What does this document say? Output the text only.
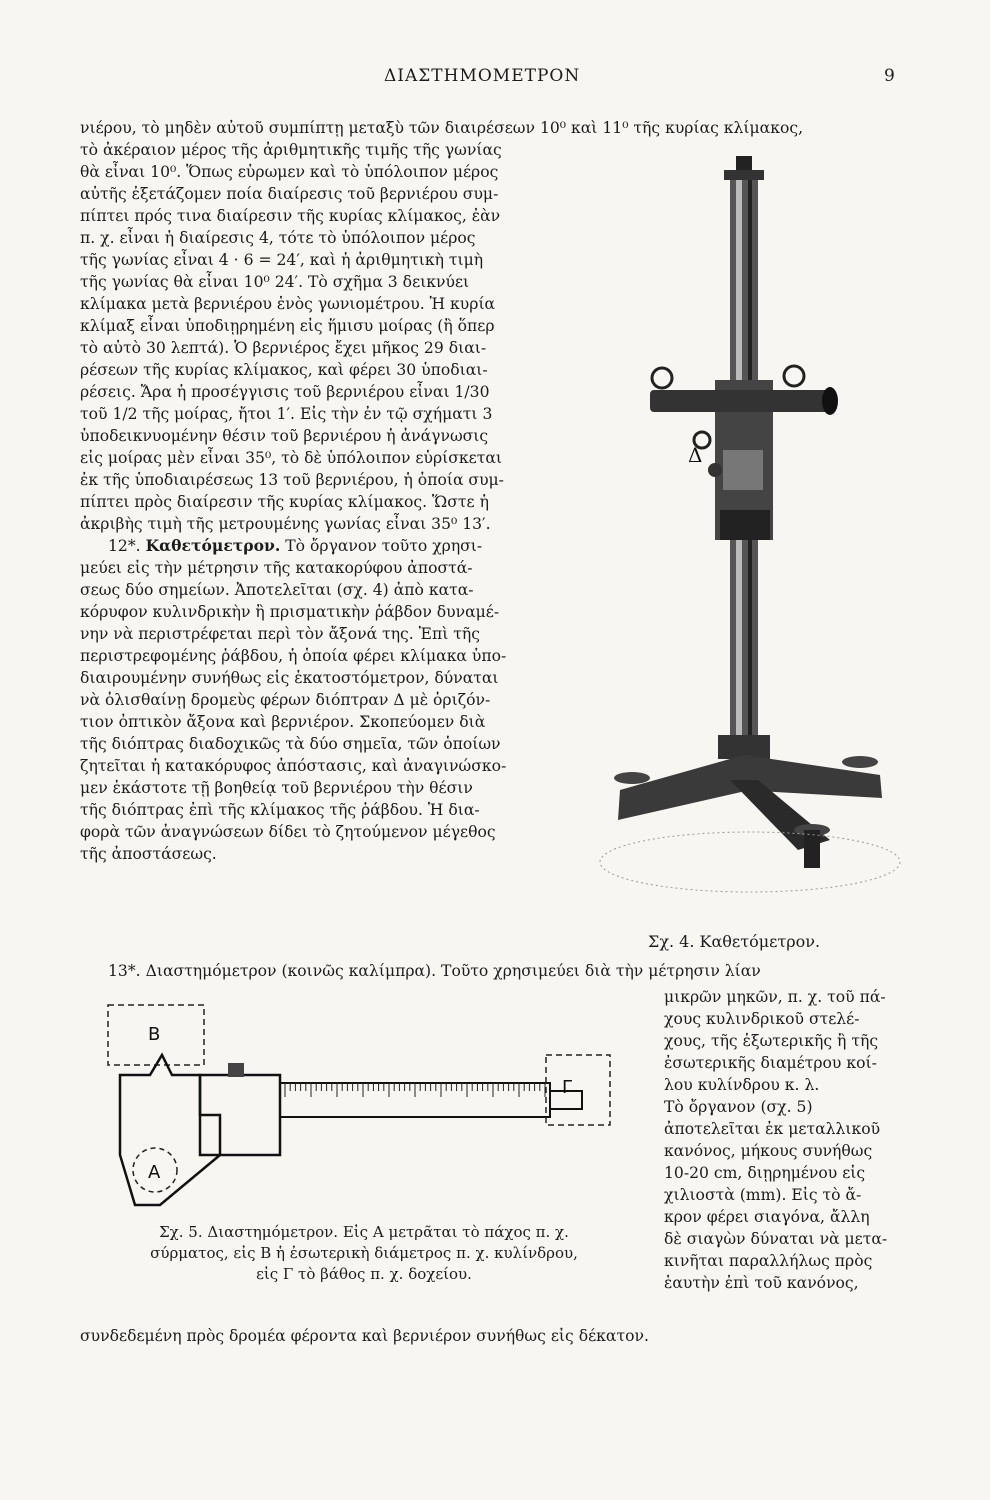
ΔΙΑΣΤΗΜΟΜΕΤΡΟΝ	9
νιέρου, τὸ μηδὲν αὐτοῦ συμπίπτῃ μεταξὺ τῶν διαιρέσεων 10⁰ καὶ 11⁰ τῆς κυρίας κλίμακος,
τὸ ἀκέραιον μέρος τῆς ἀριθμητικῆς τιμῆς τῆς γωνίας
θὰ εἶναι 10⁰. Ὅπως εὑρωμεν καὶ τὸ ὑπόλοιπον μέρος
αὐτῆς ἐξετάζομεν ποία διαίρεσις τοῦ βερνιέρου συμ-
πίπτει πρός τινα διαίρεσιν τῆς κυρίας κλίμακος, ἐὰν
π. χ. εἶναι ἡ διαίρεσις 4, τότε τὸ ὑπόλοιπον μέρος
τῆς γωνίας εἶναι 4 · 6 = 24′, καὶ ἡ ἀριθμητικὴ τιμὴ
τῆς γωνίας θὰ εἶναι 10⁰ 24′. Τὸ σχῆμα 3 δεικνύει
κλίμακα μετὰ βερνιέρου ἑνὸς γωνιομέτρου. Ἡ κυρία
κλίμαξ εἶναι ὑποδιῃρημένη εἰς ἥμισυ μοίρας (ἢ ὅπερ
τὸ αὐτὸ 30 λεπτά). Ὁ βερνιέρος ἔχει μῆκος 29 διαι-
ρέσεων τῆς κυρίας κλίμακος, καὶ φέρει 30 ὑποδιαι-
ρέσεις. Ἄρα ἡ προσέγγισις τοῦ βερνιέρου εἶναι 1/30
τοῦ 1/2 τῆς μοίρας, ἤτοι 1′. Εἰς τὴν ἐν τῷ σχήματι 3
ὑποδεικνυομένην θέσιν τοῦ βερνιέρου ἡ ἀνάγνωσις
εἰς μοίρας μὲν εἶναι 35⁰, τὸ δὲ ὑπόλοιπον εὑρίσκεται
ἐκ τῆς ὑποδιαιρέσεως 13 τοῦ βερνιέρου, ἡ ὁποία συμ-
πίπτει πρὸς διαίρεσιν τῆς κυρίας κλίμακος. Ὥστε ἡ
ἀκριβὴς τιμὴ τῆς μετρουμένης γωνίας εἶναι 35⁰ 13′.
12*. Καθετόμετρον. Τὸ ὄργανον τοῦτο χρησι-
μεύει εἰς τὴν μέτρησιν τῆς κατακορύφου ἀποστά-
σεως δύο σημείων. Ἀποτελεῖται (σχ. 4) ἀπὸ κατα-
κόρυφον κυλινδρικὴν ἢ πρισματικὴν ῥάβδον δυναμέ-
νην νὰ περιστρέφεται περὶ τὸν ἄξονά της. Ἐπὶ τῆς
περιστρεφομένης ῥάβδου, ἡ ὁποία φέρει κλίμακα ὑπο-
διαιρουμένην συνήθως εἰς ἑκατοστόμετρον, δύναται
νὰ ὀλισθαίνῃ δρομεὺς φέρων διόπτραν Δ μὲ ὁριζόν-
τιον ὀπτικὸν ἄξονα καὶ βερνιέρον. Σκοπεύομεν διὰ
τῆς διόπτρας διαδοχικῶς τὰ δύο σημεῖα, τῶν ὁποίων
ζητεῖται ἡ κατακόρυφος ἀπόστασις, καὶ ἀναγινώσκο-
μεν ἑκάστοτε τῇ βοηθείᾳ τοῦ βερνιέρου τὴν θέσιν
τῆς διόπτρας ἐπὶ τῆς κλίμακος τῆς ῥάβδου. Ἡ δια-
φορὰ τῶν ἀναγνώσεων δίδει τὸ ζητούμενον μέγεθος
τῆς ἀποστάσεως.
Δ
Σχ. 4. Καθετόμετρον.
13*. Διαστημόμετρον (κοινῶς καλίμπρα). Τοῦτο χρησιμεύει διὰ τὴν μέτρησιν λίαν
μικρῶν μηκῶν, π. χ. τοῦ πά-
χους κυλινδρικοῦ στελέ-
χους, τῆς ἐξωτερικῆς ἢ τῆς
ἐσωτερικῆς διαμέτρου κοί-
λου κυλίνδρου κ. λ.
Τὸ ὄργανον (σχ. 5)
ἀποτελεῖται ἐκ μεταλλικοῦ
κανόνος, μήκους συνήθως
10-20 cm, διῃρημένου εἰς
χιλιοστὰ (mm). Εἰς τὸ ἄ-
κρον φέρει σιαγόνα, ἄλλη
δὲ σιαγὼν δύναται νὰ μετα-
κινῆται παραλλήλως πρὸς
ἑαυτὴν ἐπὶ τοῦ κανόνος,
Β
Γ
Α
Σχ. 5. Διαστημόμετρον. Εἰς Α μετρᾶται τὸ πάχος π. χ.
σύρματος, εἰς Β ἡ ἐσωτερικὴ διάμετρος π. χ. κυλίνδρου,
εἰς Γ τὸ βάθος π. χ. δοχείου.
συνδεδεμένη πρὸς δρομέα φέροντα καὶ βερνιέρον συνήθως εἰς δέκατον.
